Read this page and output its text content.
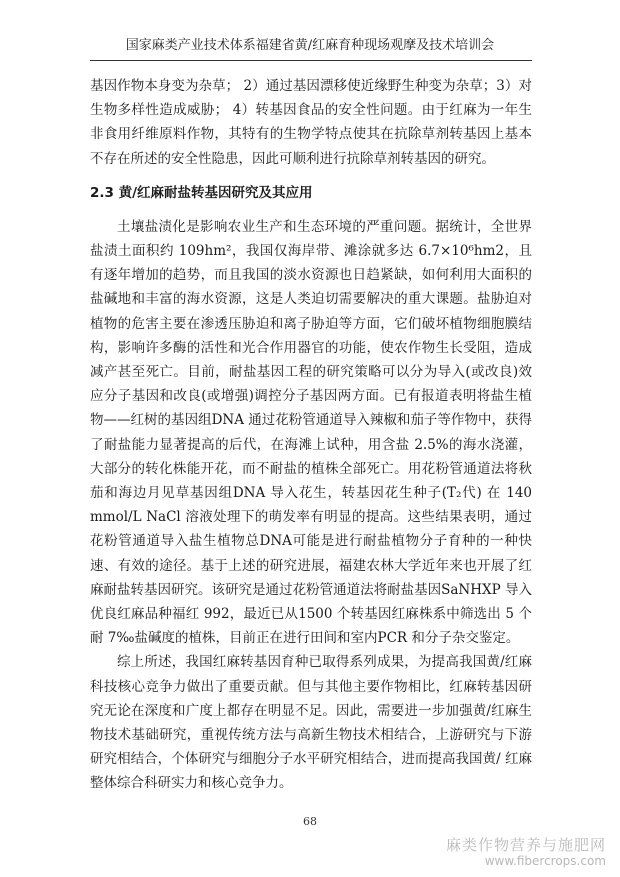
国家麻类产业技术体系福建省黄/红麻育种现场观摩及技术培训会

基因作物本身变为杂草； 2）通过基因漂移使近缘野生种变为杂草；3）对生物多样性造成威胁； 4）转基因食品的安全性问题。由于红麻为一年生非食用纤维原料作物，其特有的生物学特点使其在抗除草剂转基因上基本不存在所述的安全性隐患，因此可顺利进行抗除草剂转基因的研究。

2.3 黄/红麻耐盐转基因研究及其应用

土壤盐渍化是影响农业生产和生态环境的严重问题。据统计，全世界盐渍土面积约 109hm²，我国仅海岸带、滩涂就多达 6.7×10⁶hm2，且有逐年增加的趋势，而且我国的淡水资源也日趋紧缺，如何利用大面积的盐碱地和丰富的海水资源，这是人类迫切需要解决的重大课题。盐胁迫对植物的危害主要在渗透压胁迫和离子胁迫等方面，它们破坏植物细胞膜结构，影响许多酶的活性和光合作用器官的功能，使农作物生长受阻，造成减产甚至死亡。目前，耐盐基因工程的研究策略可以分为导入(或改良)效应分子基因和改良(或增强)调控分子基因两方面。已有报道表明将盐生植物——红树的基因组DNA 通过花粉管通道导入辣椒和茄子等作物中，获得了耐盐能力显著提高的后代，在海滩上试种，用含盐 2.5%的海水浇灌，大部分的转化株能开花，而不耐盐的植株全部死亡。用花粉管通道法将秋茄和海边月见草基因组DNA 导入花生，转基因花生种子(T₂代) 在 140 mmol/L NaCl 溶液处理下的萌发率有明显的提高。这些结果表明，通过花粉管通道导入盐生植物总DNA可能是进行耐盐植物分子育种的一种快速、有效的途径。基于上述的研究进展，福建农林大学近年来也开展了红麻耐盐转基因研究。该研究是通过花粉管通道法将耐盐基因SaNHXP 导入优良红麻品种福红 992，最近已从1500 个转基因红麻株系中筛选出 5 个耐 7‰盐碱度的植株，目前正在进行田间和室内PCR 和分子杂交鉴定。

综上所述，我国红麻转基因育种已取得系列成果，为提高我国黄/红麻科技核心竞争力做出了重要贡献。但与其他主要作物相比，红麻转基因研究无论在深度和广度上都存在明显不足。因此，需要进一步加强黄/红麻生物技术基础研究，重视传统方法与高新生物技术相结合，上游研究与下游研究相结合，个体研究与细胞分子水平研究相结合，进而提高我国黄/ 红麻整体综合科研实力和核心竞争力。

68
麻类作物营养与施肥网
www.fibercrops.com
